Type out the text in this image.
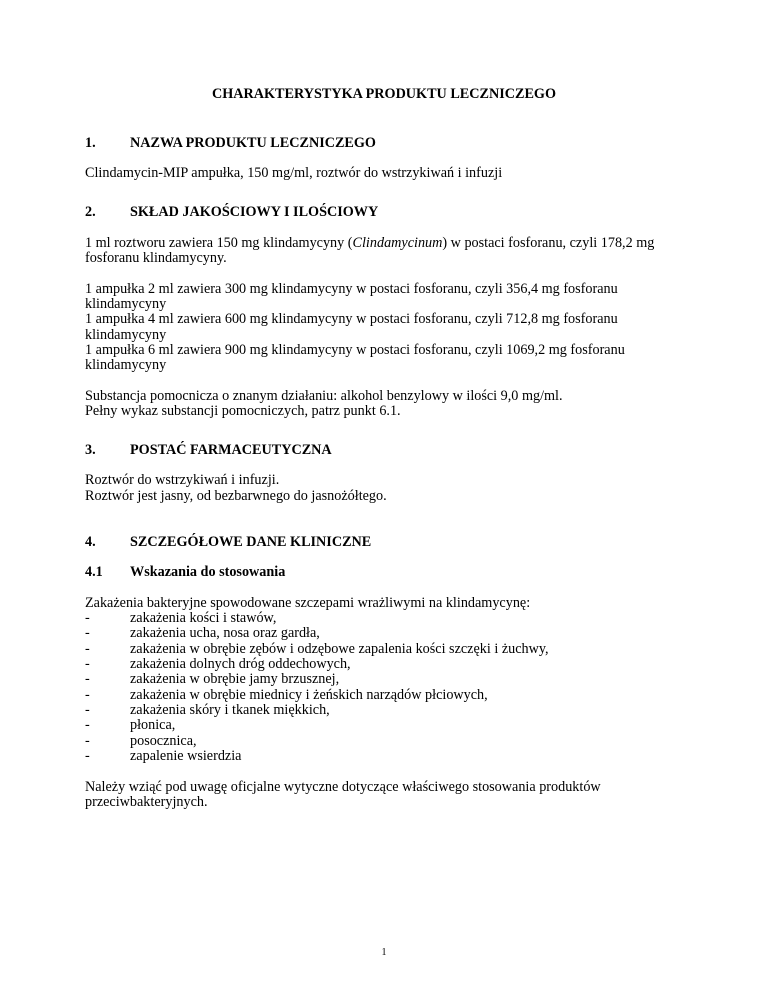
CHARAKTERYSTYKA PRODUKTU LECZNICZEGO
1. NAZWA PRODUKTU LECZNICZEGO
Clindamycin-MIP ampułka, 150 mg/ml, roztwór do wstrzykiwań i infuzji
2. SKŁAD JAKOŚCIOWY I ILOŚCIOWY
1 ml roztworu zawiera 150 mg klindamycyny (Clindamycinum) w postaci fosforanu, czyli 178,2 mg
fosforanu klindamycyny.
1 ampułka 2 ml zawiera 300 mg klindamycyny w postaci fosforanu, czyli 356,4 mg fosforanu
klindamycyny
1 ampułka 4 ml zawiera 600 mg klindamycyny w postaci fosforanu, czyli 712,8 mg fosforanu
klindamycyny
1 ampułka 6 ml zawiera 900 mg klindamycyny w postaci fosforanu, czyli 1069,2 mg fosforanu
klindamycyny
Substancja pomocnicza o znanym działaniu: alkohol benzylowy w ilości 9,0 mg/ml.
Pełny wykaz substancji pomocniczych, patrz punkt 6.1.
3. POSTAĆ FARMACEUTYCZNA
Roztwór do wstrzykiwań i infuzji.
Roztwór jest jasny, od bezbarwnego do jasnożółtego.
4. SZCZEGÓŁOWE DANE KLINICZNE
4.1 Wskazania do stosowania
Zakażenia bakteryjne spowodowane szczepami wrażliwymi na klindamycynę:
-	zakażenia kości i stawów,
-	zakażenia ucha, nosa oraz gardła,
-	zakażenia w obrębie zębów i odzębowe zapalenia kości szczęki i żuchwy,
-	zakażenia dolnych dróg oddechowych,
-	zakażenia w obrębie jamy brzusznej,
-	zakażenia w obrębie miednicy i żeńskich narządów płciowych,
-	zakażenia skóry i tkanek miękkich,
-	płonica,
-	posocznica,
-	zapalenie wsierdzia
Należy wziąć pod uwagę oficjalne wytyczne dotyczące właściwego stosowania produktów
przeciwbakteryjnych.
1
